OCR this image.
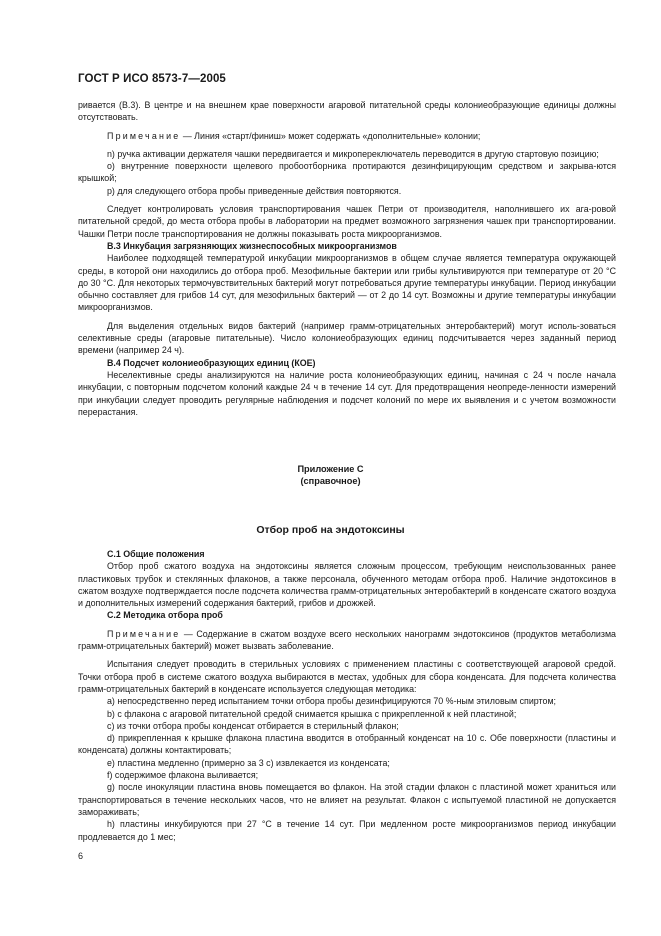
ГОСТ Р ИСО 8573-7—2005

ривается (В.3). В центре и на внешнем крае поверхности агаровой питательной среды колониеобразующие единицы должны отсутствовать.

Примечание — Линия «старт/финиш» может содержать «дополнительные» колонии;

n) ручка активации держателя чашки передвигается и микропереключатель переводится в другую стартовую позицию;

o) внутренние поверхности щелевого пробоотборника протираются дезинфицирующим средством и закрыва-ются крышкой;

p) для следующего отбора пробы приведенные действия повторяются.

Следует контролировать условия транспортирования чашек Петри от производителя, наполнившего их ага-ровой питательной средой, до места отбора пробы в лаборатории на предмет возможного загрязнения чашек при транспортировании. Чашки Петри после транспортирования не должны показывать роста микроорганизмов.

В.3 Инкубация загрязняющих жизнеспособных микроорганизмов

Наиболее подходящей температурой инкубации микроорганизмов в общем случае является температура окружающей среды, в которой они находились до отбора проб. Мезофильные бактерии или грибы культивируются при температуре от 20 °С до 30 °С. Для некоторых термочувствительных бактерий могут потребоваться другие температуры инкубации. Период инкубации обычно составляет для грибов 14 сут, для мезофильных бактерий — от 2 до 14 сут. Возможны и другие температуры инкубации микроорганизмов.

Для выделения отдельных видов бактерий (например грамм-отрицательных энтеробактерий) могут исполь-зоваться селективные среды (агаровые питательные). Число колониеобразующих единиц подсчитывается через заданный период времени (например 24 ч).

В.4 Подсчет колониеобразующих единиц (КОЕ)

Неселективные среды анализируются на наличие роста колониеобразующих единиц, начиная с 24 ч после начала инкубации, с повторным подсчетом колоний каждые 24 ч в течение 14 сут. Для предотвращения неопреде-ленности измерений при инкубации следует проводить регулярные наблюдения и подсчет колоний по мере их выявления и с учетом возможности перерастания.

Приложение С
(справочное)
Отбор проб на эндотоксины
С.1 Общие положения

Отбор проб сжатого воздуха на эндотоксины является сложным процессом, требующим неиспользованных ранее пластиковых трубок и стеклянных флаконов, а также персонала, обученного методам отбора проб. Наличие эндотоксинов в сжатом воздухе подтверждается после подсчета количества грамм-отрицательных энтеробактерий в конденсате сжатого воздуха и дополнительных измерений содержания бактерий, грибов и дрожжей.

С.2 Методика отбора проб

Примечание — Содержание в сжатом воздухе всего нескольких нанограмм эндотоксинов (продуктов метаболизма грамм-отрицательных бактерий) может вызвать заболевание.

Испытания следует проводить в стерильных условиях с применением пластины с соответствующей агаровой средой. Точки отбора проб в системе сжатого воздуха выбираются в местах, удобных для сбора конденсата. Для подсчета количества грамм-отрицательных бактерий в конденсате используется следующая методика:

а) непосредственно перед испытанием точки отбора пробы дезинфицируются 70 %-ным этиловым спиртом;

b) с флакона с агаровой питательной средой снимается крышка с прикрепленной к ней пластиной;

c) из точки отбора пробы конденсат отбирается в стерильный флакон;

d) прикрепленная к крышке флакона пластина вводится в отобранный конденсат на 10 с. Обе поверхности (пластины и конденсата) должны контактировать;

e) пластина медленно (примерно за 3 с) извлекается из конденсата;

f) содержимое флакона выливается;

g) после инокуляции пластина вновь помещается во флакон. На этой стадии флакон с пластиной может храниться или транспортироваться в течение нескольких часов, что не влияет на результат. Флакон с испытуемой пластиной не допускается замораживать;

h) пластины инкубируются при 27 °С в течение 14 сут. При медленном росте микроорганизмов период инкубации продлевается до 1 мес;

6
